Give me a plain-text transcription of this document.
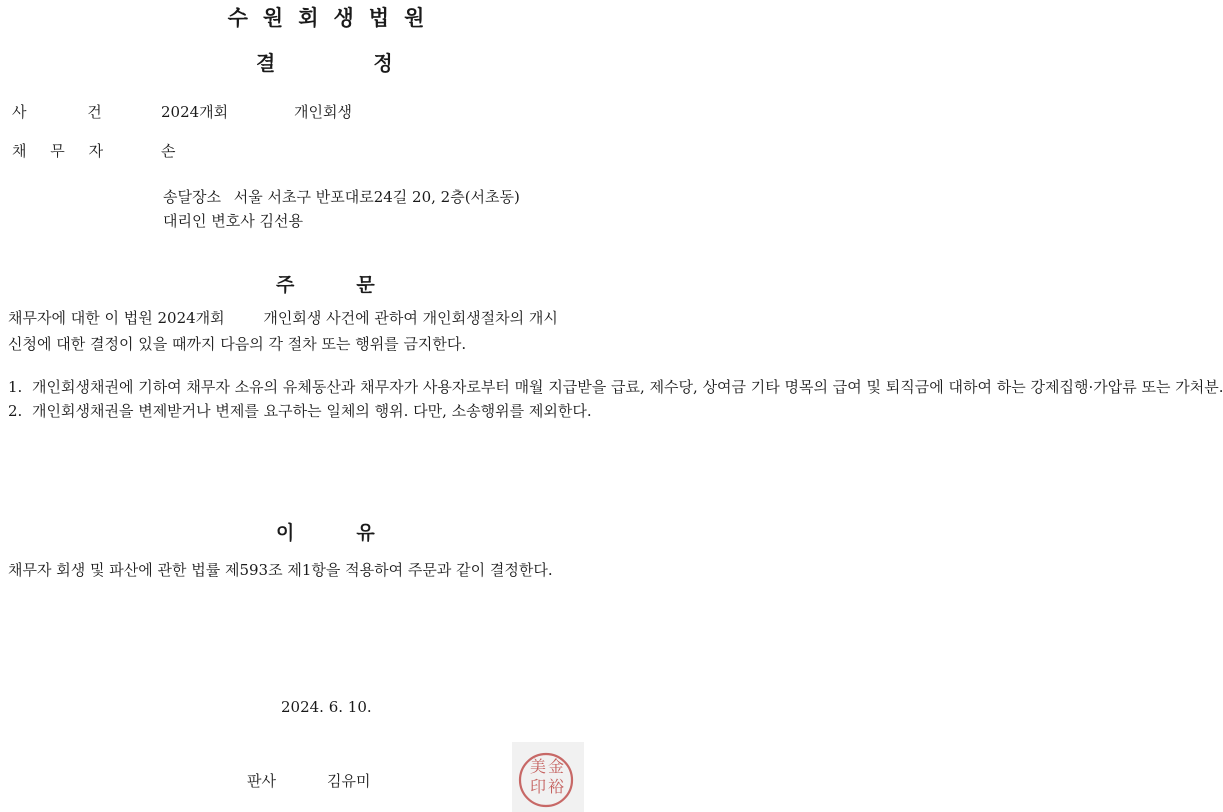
수원회생법원
결	정
사	건	2024개회	개인회생
채 무 자	손
송달장소 서울 서초구 반포대로24길 20, 2층(서초동)
대리인 변호사 김선용
주	문
채무자에 대한 이 법원 2024개회	개인회생 사건에 관하여 개인회생절차의 개시
신청에 대한 결정이 있을 때까지 다음의 각 절차 또는 행위를 금지한다.
1. 개인회생채권에 기하여 채무자 소유의 유체동산과 채무자가 사용자로부터 매월 지급받을 급료, 제수당, 상여금 기타 명목의 급여 및 퇴직금에 대하여 하는 강제집행·가압류 또는 가처분.
2. 개인회생채권을 변제받거나 변제를 요구하는 일체의 행위. 다만, 소송행위를 제외한다.
이	유
채무자 회생 및 파산에 관한 법률 제593조 제1항을 적용하여 주문과 같이 결정한다.
2024. 6. 10.
판사	김유미
金
裕
美
印
